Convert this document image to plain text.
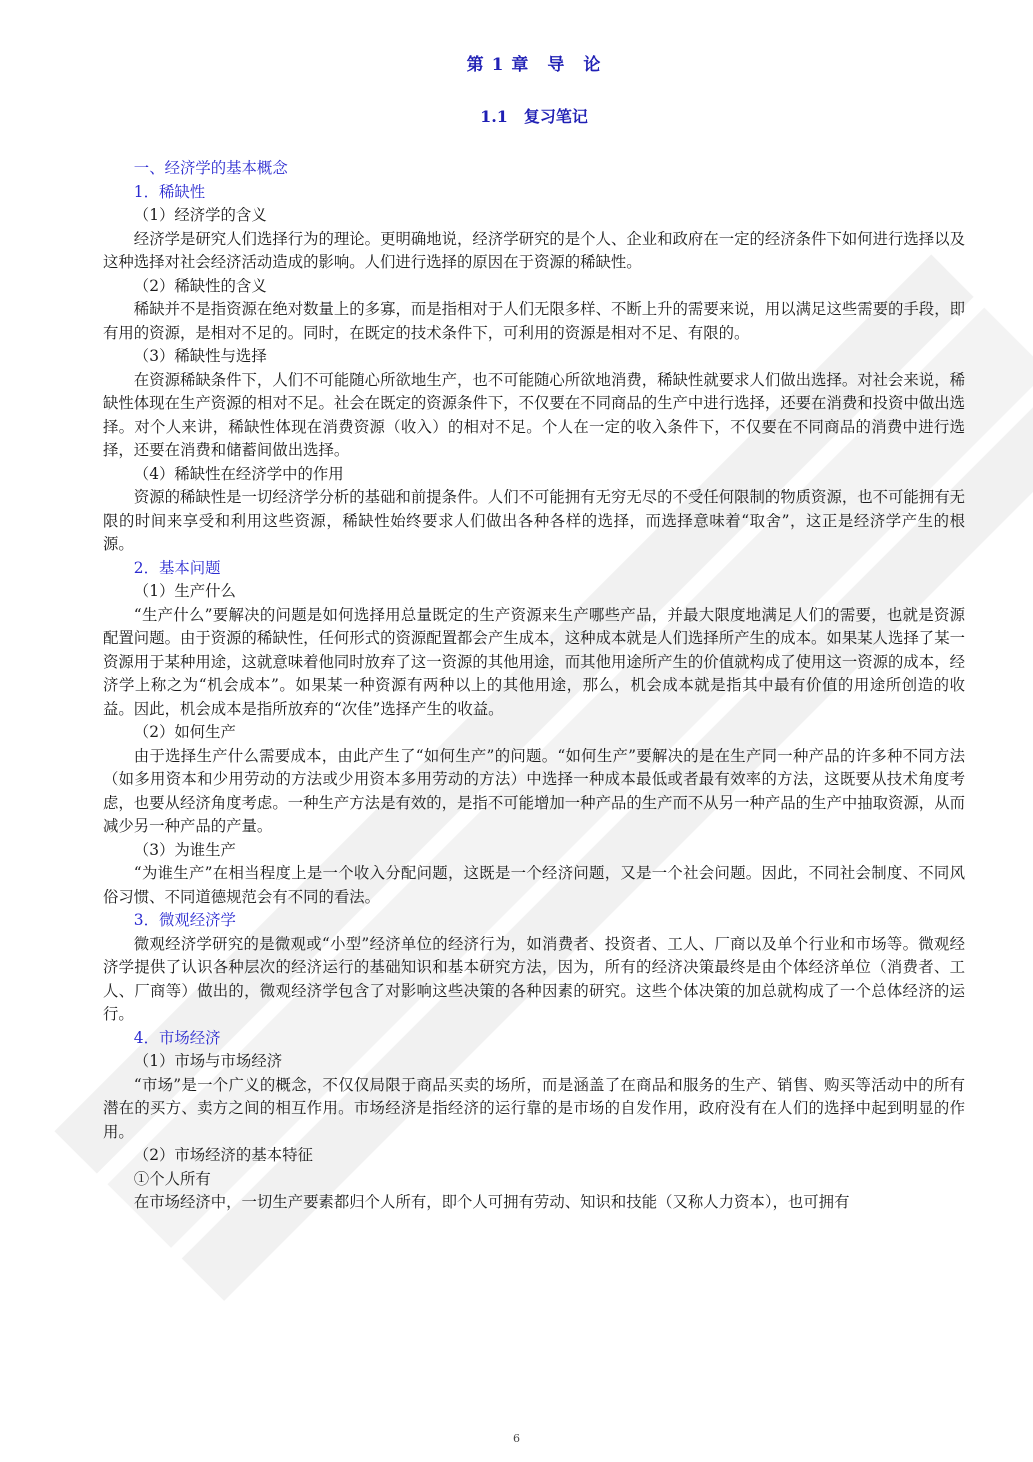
第 1 章　导　论
1.1　复习笔记

一、经济学的基本概念

1．稀缺性

（1）经济学的含义

经济学是研究人们选择行为的理论。更明确地说，经济学研究的是个人、企业和政府在一定的经济条件下如何进行选择以及这种选择对社会经济活动造成的影响。人们进行选择的原因在于资源的稀缺性。

（2）稀缺性的含义

稀缺并不是指资源在绝对数量上的多寡，而是指相对于人们无限多样、不断上升的需要来说，用以满足这些需要的手段，即有用的资源，是相对不足的。同时，在既定的技术条件下，可利用的资源是相对不足、有限的。

（3）稀缺性与选择

在资源稀缺条件下，人们不可能随心所欲地生产，也不可能随心所欲地消费，稀缺性就要求人们做出选择。对社会来说，稀缺性体现在生产资源的相对不足。社会在既定的资源条件下，不仅要在不同商品的生产中进行选择，还要在消费和投资中做出选择。对个人来讲，稀缺性体现在消费资源（收入）的相对不足。个人在一定的收入条件下，不仅要在不同商品的消费中进行选择，还要在消费和储蓄间做出选择。

（4）稀缺性在经济学中的作用

资源的稀缺性是一切经济学分析的基础和前提条件。人们不可能拥有无穷无尽的不受任何限制的物质资源，也不可能拥有无限的时间来享受和利用这些资源，稀缺性始终要求人们做出各种各样的选择，而选择意味着“取舍”，这正是经济学产生的根源。

2．基本问题

（1）生产什么

“生产什么”要解决的问题是如何选择用总量既定的生产资源来生产哪些产品，并最大限度地满足人们的需要，也就是资源配置问题。由于资源的稀缺性，任何形式的资源配置都会产生成本，这种成本就是人们选择所产生的成本。如果某人选择了某一资源用于某种用途，这就意味着他同时放弃了这一资源的其他用途，而其他用途所产生的价值就构成了使用这一资源的成本，经济学上称之为“机会成本”。如果某一种资源有两种以上的其他用途，那么，机会成本就是指其中最有价值的用途所创造的收益。因此，机会成本是指所放弃的“次佳”选择产生的收益。

（2）如何生产

由于选择生产什么需要成本，由此产生了“如何生产”的问题。“如何生产”要解决的是在生产同一种产品的许多种不同方法（如多用资本和少用劳动的方法或少用资本多用劳动的方法）中选择一种成本最低或者最有效率的方法，这既要从技术角度考虑，也要从经济角度考虑。一种生产方法是有效的，是指不可能增加一种产品的生产而不从另一种产品的生产中抽取资源，从而减少另一种产品的产量。

（3）为谁生产

“为谁生产”在相当程度上是一个收入分配问题，这既是一个经济问题，又是一个社会问题。因此，不同社会制度、不同风俗习惯、不同道德规范会有不同的看法。

3．微观经济学

微观经济学研究的是微观或“小型”经济单位的经济行为，如消费者、投资者、工人、厂商以及单个行业和市场等。微观经济学提供了认识各种层次的经济运行的基础知识和基本研究方法，因为，所有的经济决策最终是由个体经济单位（消费者、工人、厂商等）做出的，微观经济学包含了对影响这些决策的各种因素的研究。这些个体决策的加总就构成了一个总体经济的运行。

4．市场经济

（1）市场与市场经济

“市场”是一个广义的概念，不仅仅局限于商品买卖的场所，而是涵盖了在商品和服务的生产、销售、购买等活动中的所有潜在的买方、卖方之间的相互作用。市场经济是指经济的运行靠的是市场的自发作用，政府没有在人们的选择中起到明显的作用。

（2）市场经济的基本特征

①个人所有

在市场经济中，一切生产要素都归个人所有，即个人可拥有劳动、知识和技能（又称人力资本），也可拥有

6
